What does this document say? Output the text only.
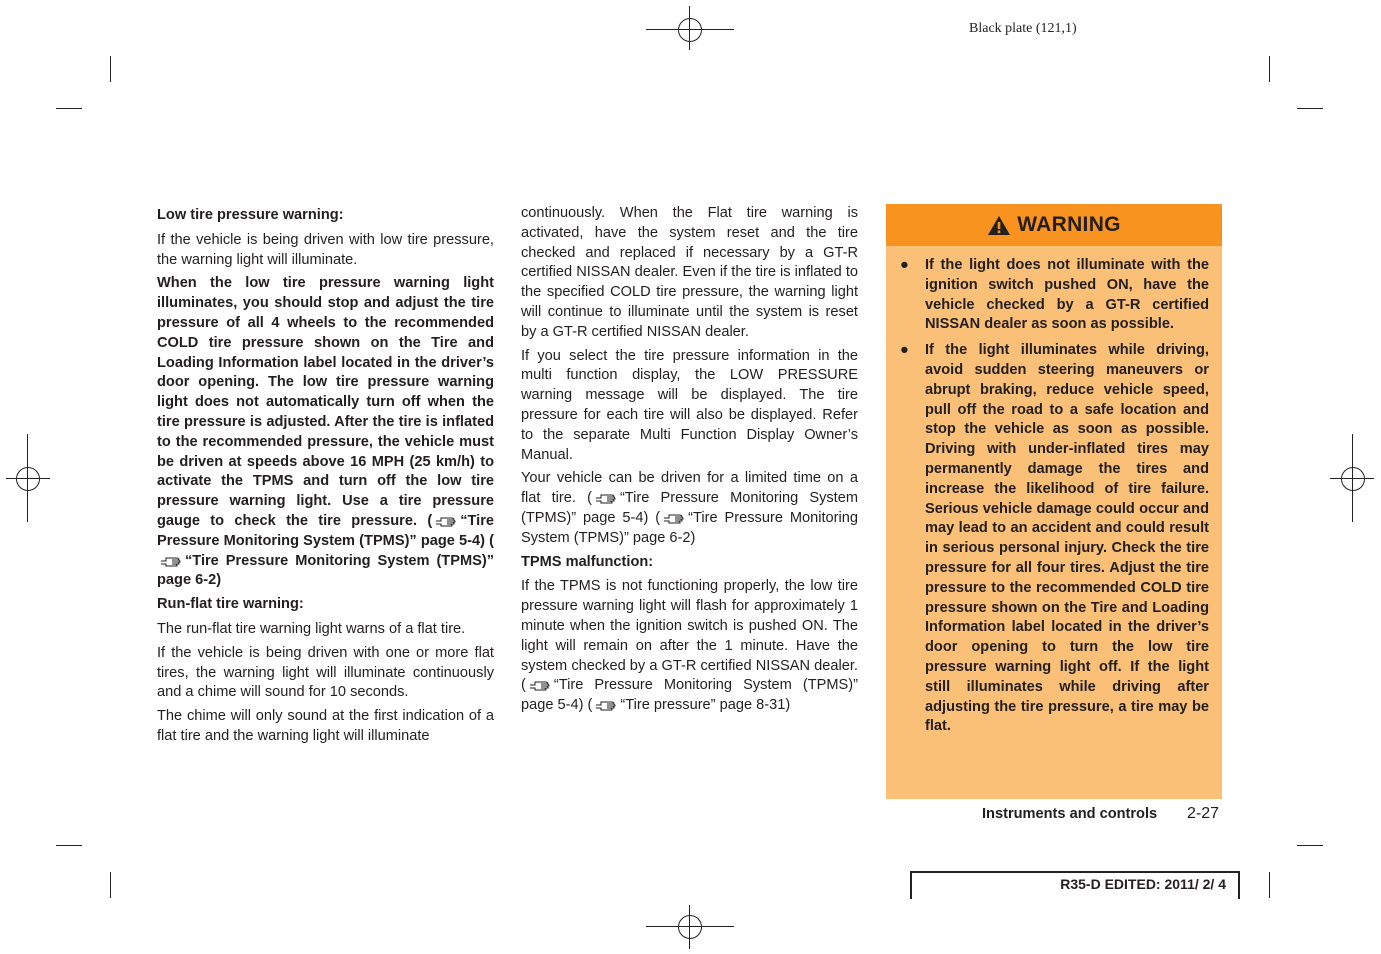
Black plate (121,1)
Low tire pressure warning:

If the vehicle is being driven with low tire pressure, the warning light will illuminate.

When the low tire pressure warning light illuminates, you should stop and adjust the tire pressure of all 4 wheels to the recommended COLD tire pressure shown on the Tire and Loading Information label located in the driver’s door opening. The low tire pressure warning light does not automatically turn off when the tire pressure is adjusted. After the tire is inflated to the recommended pressure, the vehicle must be driven at speeds above 16 MPH (25 km/h) to activate the TPMS and turn off the low tire pressure warning light. Use a tire pressure gauge to check the tire pressure. ( “Tire Pressure Monitoring System (TPMS)” page 5-4) (“Tire Pressure Monitoring System (TPMS)” page 6-2)

Run-flat tire warning:

The run-flat tire warning light warns of a flat tire.

If the vehicle is being driven with one or more flat tires, the warning light will illuminate continuously and a chime will sound for 10 seconds.

The chime will only sound at the first indication of a flat tire and the warning light will illuminate

continuously. When the Flat tire warning is activated, have the system reset and the tire checked and replaced if necessary by a GT-R certified NISSAN dealer. Even if the tire is inflated to the specified COLD tire pressure, the warning light will continue to illuminate until the system is reset by a GT-R certified NISSAN dealer.

If you select the tire pressure information in the multi function display, the LOW PRESSURE warning message will be displayed. The tire pressure for each tire will also be displayed. Refer to the separate Multi Function Display Owner’s Manual.

Your vehicle can be driven for a limited time on a flat tire. ( “Tire Pressure Monitoring System (TPMS)” page 5-4) ( “Tire Pressure Monitoring System (TPMS)” page 6-2)

TPMS malfunction:

If the TPMS is not functioning properly, the low tire pressure warning light will flash for approximately 1 minute when the ignition switch is pushed ON. The light will remain on after the 1 minute. Have the system checked by a GT-R certified NISSAN dealer. ( “Tire Pressure Monitoring System (TPMS)” page 5-4) ( “Tire pressure” page 8-31)

WARNING
● If the light does not illuminate with the ignition switch pushed ON, have the vehicle checked by a GT-R certified NISSAN dealer as soon as possible.
● If the light illuminates while driving, avoid sudden steering maneuvers or abrupt braking, reduce vehicle speed, pull off the road to a safe location and stop the vehicle as soon as possible. Driving with under-inflated tires may permanently damage the tires and increase the likelihood of tire failure. Serious vehicle damage could occur and may lead to an accident and could result in serious personal injury. Check the tire pressure for all four tires. Adjust the tire pressure to the recommended COLD tire pressure shown on the Tire and Loading Information label located in the driver’s door opening to turn the low tire pressure warning light off. If the light still illuminates while driving after adjusting the tire pressure, a tire may be flat.
Instruments and controls 2-27
R35-D EDITED: 2011/ 2/ 4
